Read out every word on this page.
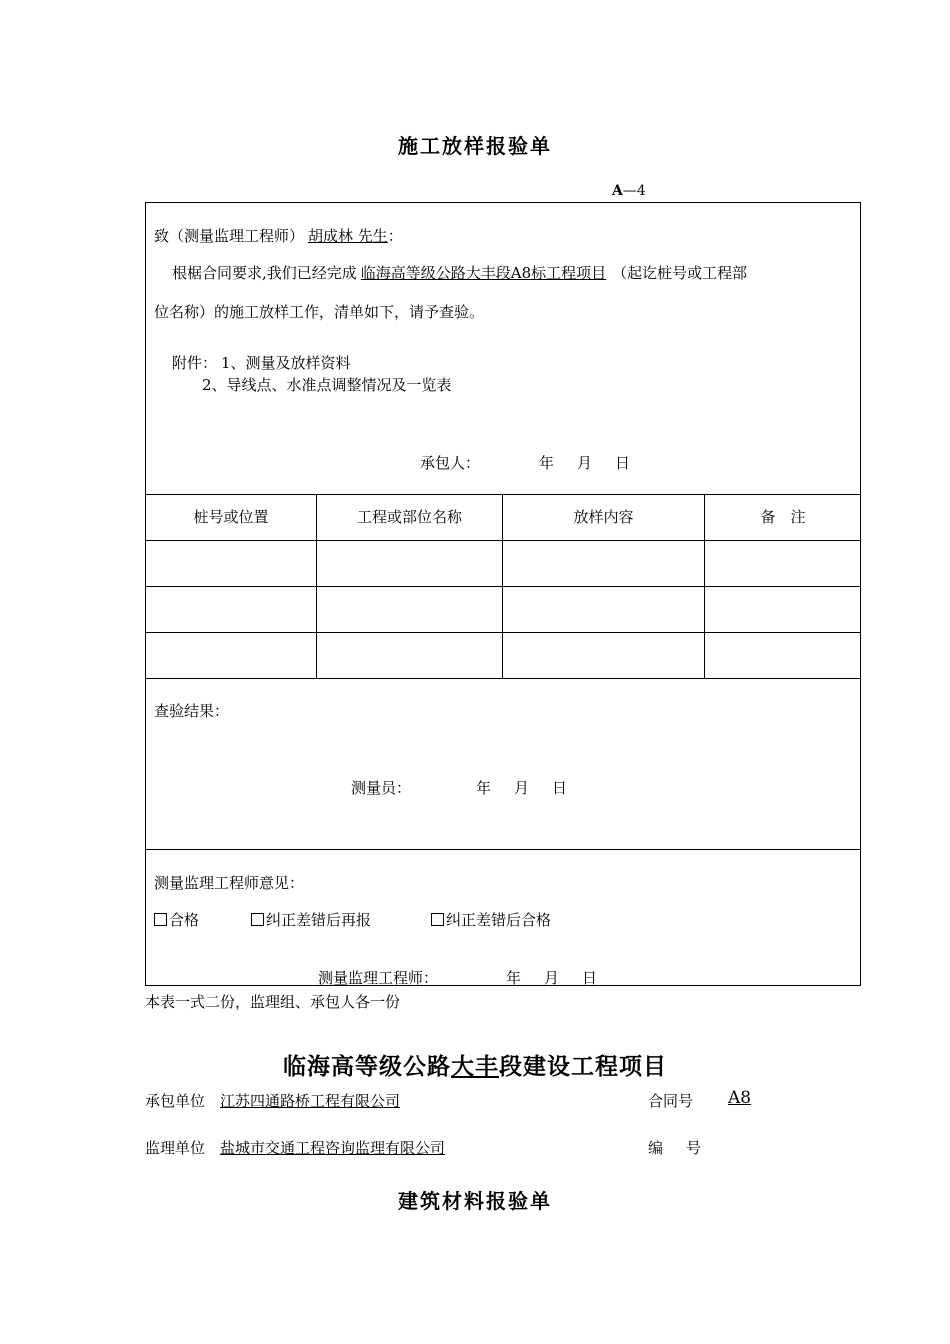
施工放样报验单
A—4
致（测量监理工程师） 胡成林 先生：
根椐合同要求,我们已经完成 临海高等级公路大丰段A8标工程项目 （起讫桩号或工程部
位名称）的施工放样工作，清单如下，请予查验。
附件： 1、测量及放样资料
2、导线点、水准点调整情况及一览表
承包人：	年　月　日
桩号或位置	工程或部位名称	放样内容	备　注
查验结果：
测量员：	年　月　日
测量监理工程师意见：
合格	纠正差错后再报	纠正差错后合格
测量监理工程师：	年　月　日
本表一式二份，监理组、承包人各一份
临海高等级公路大丰段建设工程项目
承包单位 江苏四通路桥工程有限公司	合同号	A8
监理单位 盐城市交通工程咨询监理有限公司	编　号
建筑材料报验单
